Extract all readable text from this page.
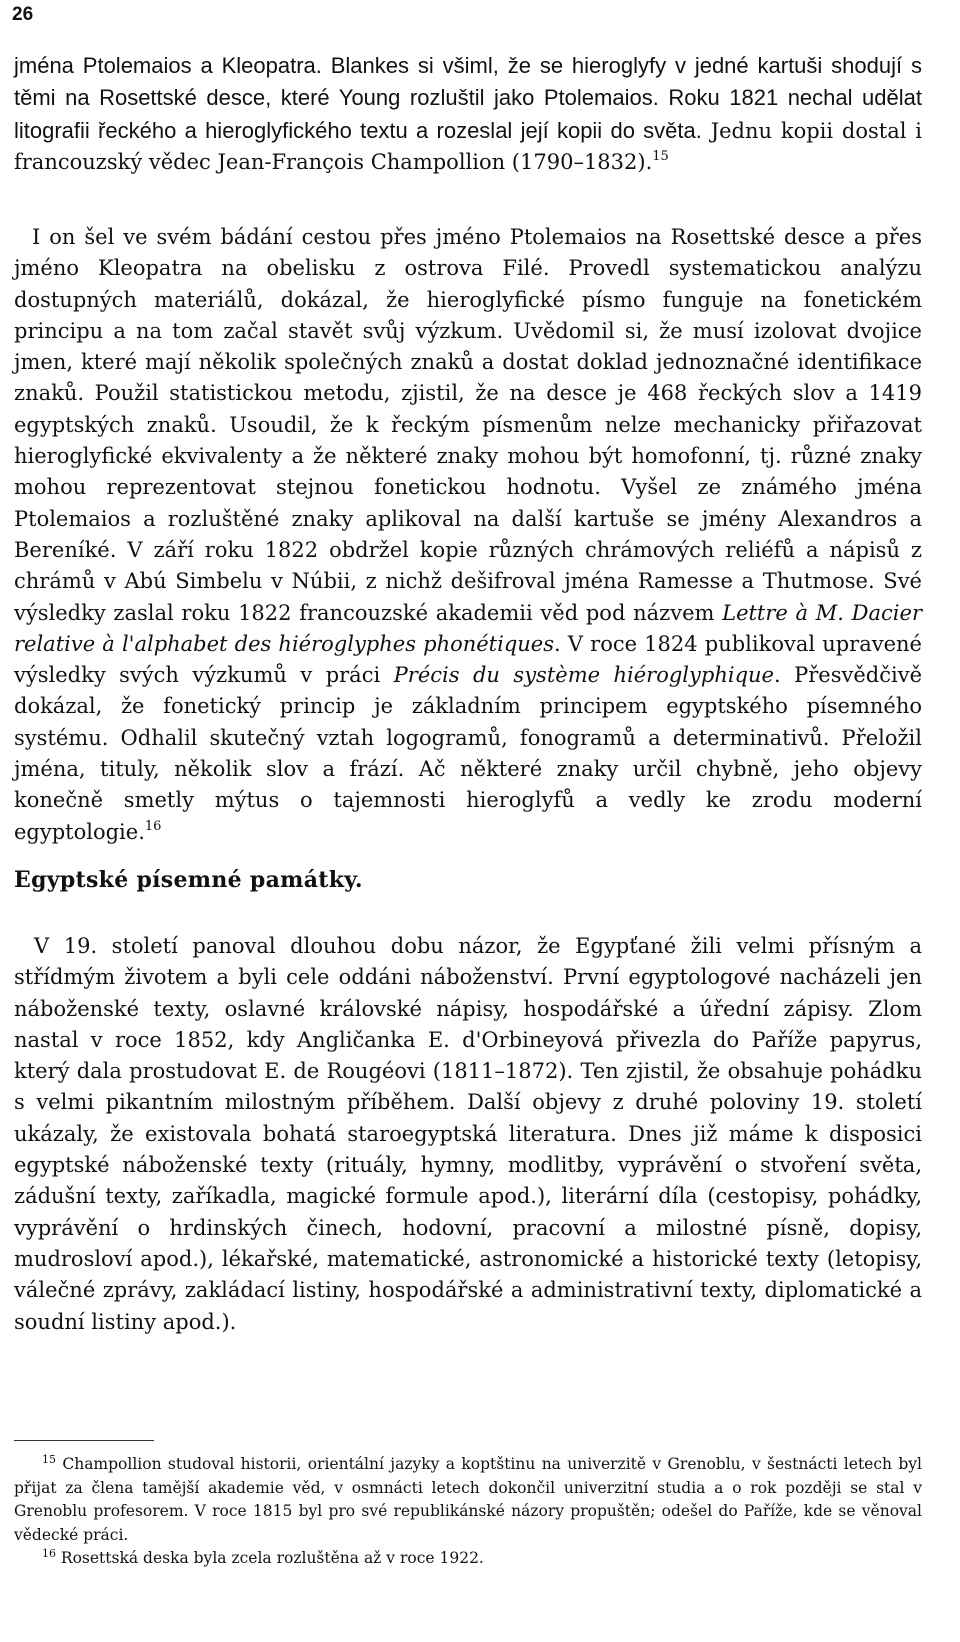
26

jména Ptolemaios a Kleopatra. Blankes si všiml, že se hieroglyfy v jedné kartuši shodují s těmi na Rosettské desce, které Young rozluštil jako Ptolemaios. Roku 1821 nechal udělat litografii řeckého a hieroglyfického textu a rozeslal její kopii do světa. Jednu kopii dostal i francouzský vědec Jean-François Champollion (1790–1832).$^{15}$

I on šel ve svém bádání cestou přes jméno Ptolemaios na Rosettské desce a přes jméno Kleopatra na obelisku z ostrova Filé. Provedl systematickou analýzu dostupných materiálů, dokázal, že hieroglyfické písmo funguje na fonetickém principu a na tom začal stavět svůj výzkum. Uvědomil si, že musí izolovat dvojice jmen, které mají několik společných znaků a dostat doklad jednoznačné identifikace znaků. Použil statistickou metodu, zjistil, že na desce je 468 řeckých slov a 1419 egyptských znaků. Usoudil, že k řeckým písmenům nelze mechanicky přiřazovat hieroglyfické ekvivalenty a že některé znaky mohou být homofonní, tj. různé znaky mohou reprezentovat stejnou fonetickou hodnotu. Vyšel ze známého jména Ptolemaios a rozluštěné znaky aplikoval na další kartuše se jmény Alexandros a Bereníké. V září roku 1822 obdržel kopie různých chrámových reliéfů a nápisů z chrámů v Abú Simbelu v Núbii, z nichž dešifroval jména Ramesse a Thutmose. Své výsledky zaslal roku 1822 francouzské akademii věd pod názvem Lettre à M. Dacier relative à l'alphabet des hiéroglyphes phonétiques. V roce 1824 publikoval upravené výsledky svých výzkumů v práci Précis du système hiéroglyphique. Přesvědčivě dokázal, že fonetický princip je základním principem egyptského písemného systému. Odhalil skutečný vztah logogramů, fonogramů a determinativů. Přeložil jména, tituly, několik slov a frází. Ač některé znaky určil chybně, jeho objevy konečně smetly mýtus o tajemnosti hieroglyfů a vedly ke zrodu moderní egyptologie.$^{16}$

Egyptské písemné památky.

V 19. století panoval dlouhou dobu názor, že Egypťané žili velmi přísným a střídmým životem a byli cele oddáni náboženství. První egyptologové nacházeli jen náboženské texty, oslavné královské nápisy, hospodářské a úřední zápisy. Zlom nastal v roce 1852, kdy Angličanka E. d'Orbineyová přivezla do Paříže papyrus, který dala prostudovat E. de Rougéovi (1811–1872). Ten zjistil, že obsahuje pohádku s velmi pikantním milostným příběhem. Další objevy z druhé poloviny 19. století ukázaly, že existovala bohatá staroegyptská literatura. Dnes již máme k disposici egyptské náboženské texty (rituály, hymny, modlitby, vyprávění o stvoření světa, zádušní texty, zaříkadla, magické formule apod.), literární díla (cestopisy, pohádky, vyprávění o hrdinských činech, hodovní, pracovní a milostné písně, dopisy, mudrosloví apod.), lékařské, matematické, astronomické a historické texty (letopisy, válečné zprávy, zakládací listiny, hospodářské a administrativní texty, diplomatické a soudní listiny apod.).

$^{15}$ Champollion studoval historii, orientální jazyky a koptštinu na univerzitě v Grenoblu, v šestnácti letech byl přijat za člena tamější akademie věd, v osmnácti letech dokončil univerzitní studia a o rok později se stal v Grenoblu profesorem. V roce 1815 byl pro své republikánské názory propuštěn; odešel do Paříže, kde se věnoval vědecké práci.

$^{16}$ Rosettská deska byla zcela rozluštěna až v roce 1922.
